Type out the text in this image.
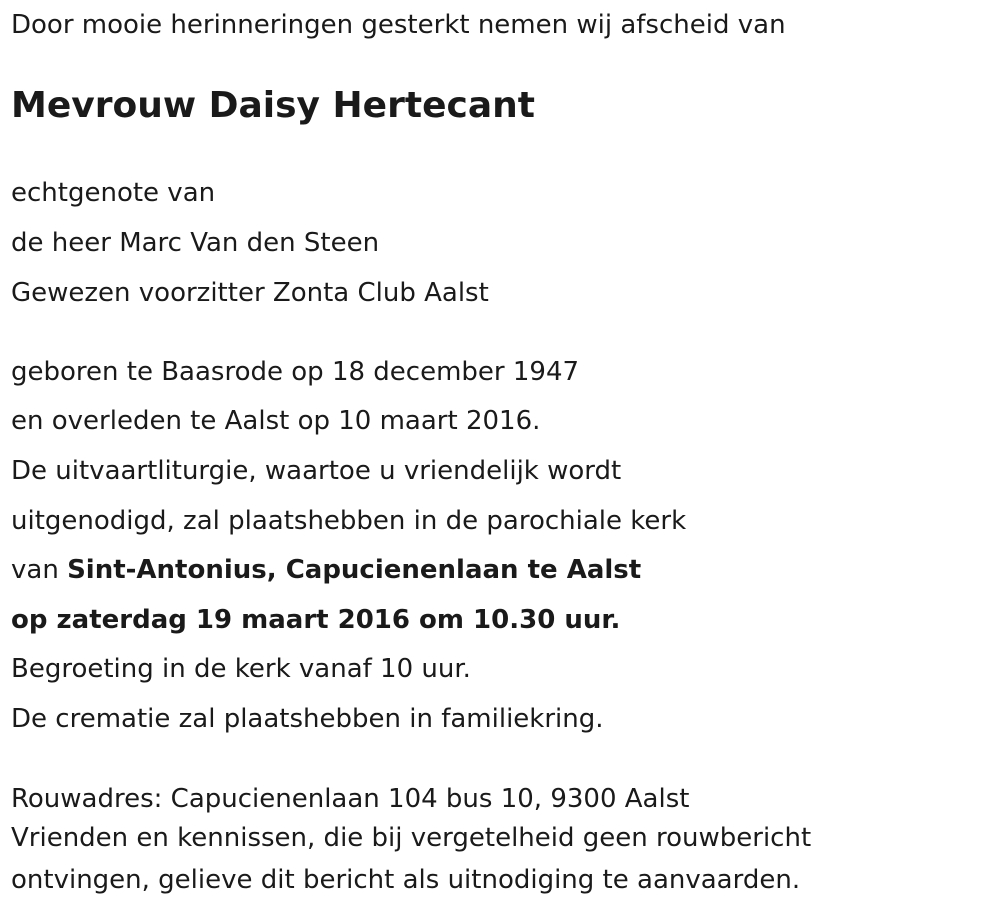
Door mooie herinneringen gesterkt nemen wij afscheid van

Mevrouw Daisy Hertecant

echtgenote van

de heer Marc Van den Steen

Gewezen voorzitter Zonta Club Aalst

geboren te Baasrode op 18 december 1947

en overleden te Aalst op 10 maart 2016.

De uitvaartliturgie, waartoe u vriendelijk wordt

uitgenodigd, zal plaatshebben in de parochiale kerk

van Sint-Antonius, Capucienenlaan te Aalst

op zaterdag 19 maart 2016 om 10.30 uur.

Begroeting in de kerk vanaf 10 uur.

De crematie zal plaatshebben in familiekring.

Rouwadres: Capucienenlaan 104 bus 10, 9300 Aalst

Vrienden en kennissen, die bij vergetelheid geen rouwbericht

ontvingen, gelieve dit bericht als uitnodiging te aanvaarden.
